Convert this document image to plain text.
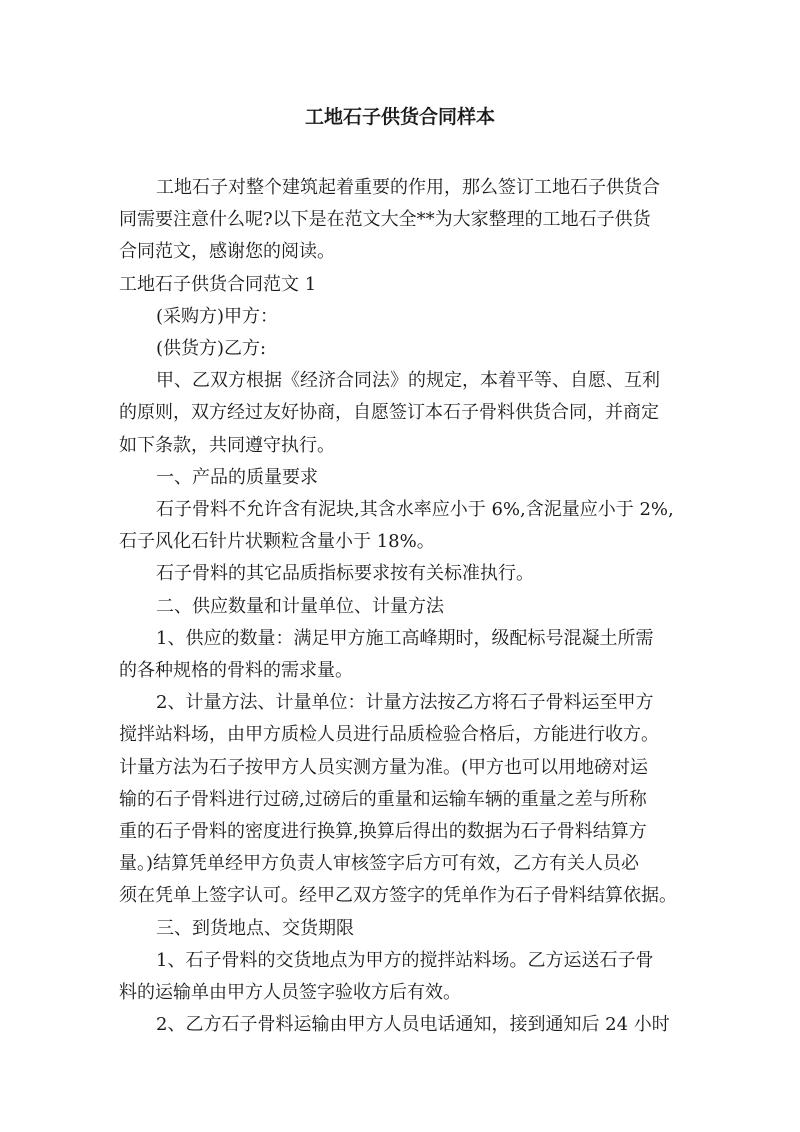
工地石子供货合同样本

工地石子对整个建筑起着重要的作用，那么签订工地石子供货合
同需要注意什么呢?以下是在范文大全**为大家整理的工地石子供货
合同范文，感谢您的阅读。

工地石子供货合同范文 1

(采购方)甲方：

(供货方)乙方:

甲、乙双方根据《经济合同法》的规定，本着平等、自愿、互利
的原则，双方经过友好协商，自愿签订本石子骨料供货合同，并商定
如下条款，共同遵守执行。

一、产品的质量要求

石子骨料不允许含有泥块,其含水率应小于 6%,含泥量应小于 2%,
石子风化石针片状颗粒含量小于 18%。

石子骨料的其它品质指标要求按有关标准执行。

二、供应数量和计量单位、计量方法

1、供应的数量：满足甲方施工高峰期时，级配标号混凝土所需
的各种规格的骨料的需求量。

2、计量方法、计量单位：计量方法按乙方将石子骨料运至甲方
搅拌站料场，由甲方质检人员进行品质检验合格后，方能进行收方。
计量方法为石子按甲方人员实测方量为准。(甲方也可以用地磅对运
输的石子骨料进行过磅,过磅后的重量和运输车辆的重量之差与所称
重的石子骨料的密度进行换算,换算后得出的数据为石子骨料结算方
量。)结算凭单经甲方负责人审核签字后方可有效，乙方有关人员必
须在凭单上签字认可。经甲乙双方签字的凭单作为石子骨料结算依据。

三、到货地点、交货期限

1、石子骨料的交货地点为甲方的搅拌站料场。乙方运送石子骨
料的运输单由甲方人员签字验收方后有效。

2、乙方石子骨料运输由甲方人员电话通知，接到通知后 24 小时
